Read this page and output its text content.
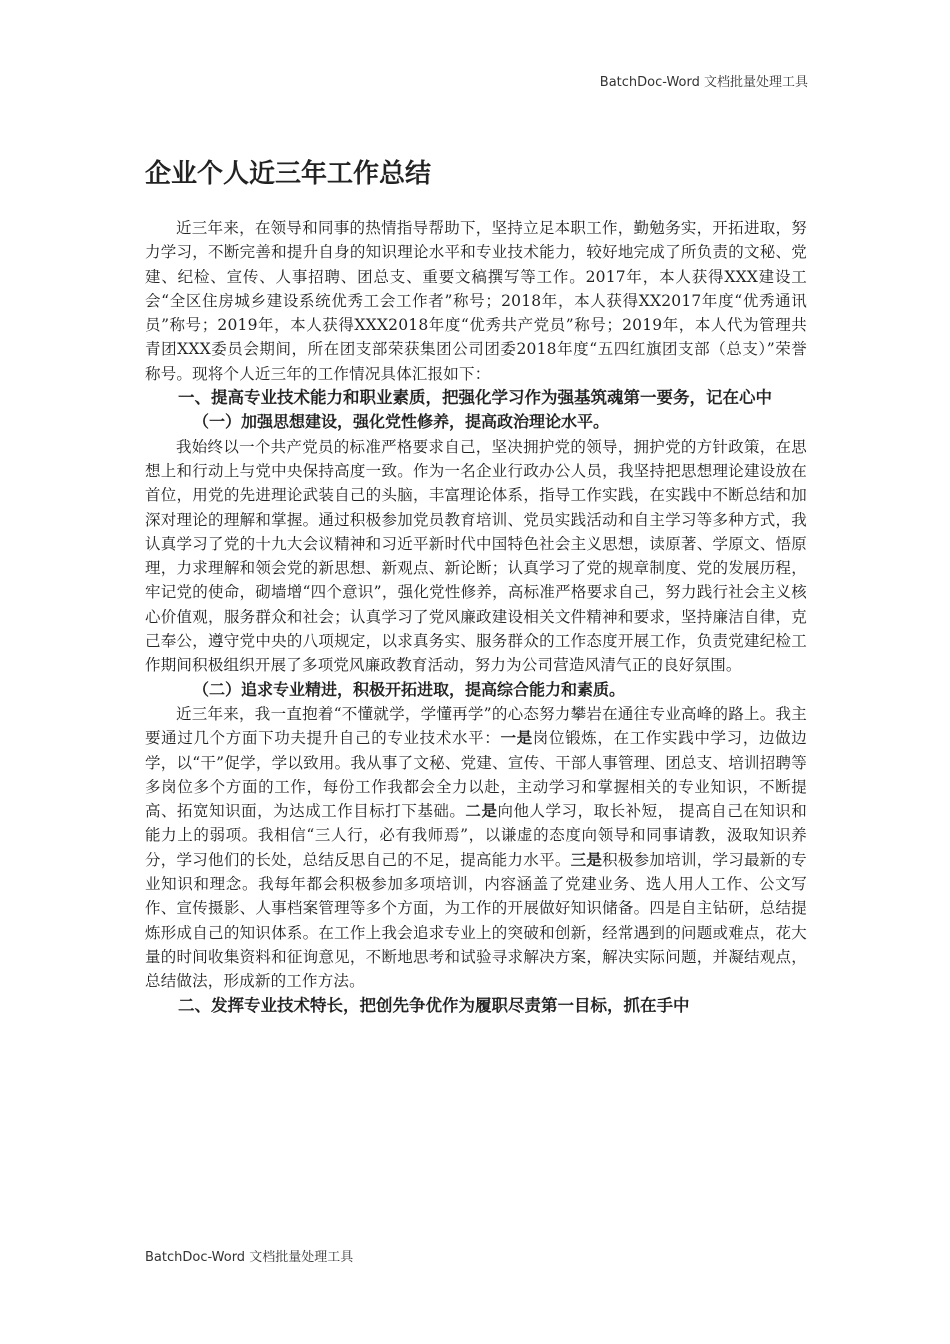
BatchDoc-Word 文档批量处理工具
企业个人近三年工作总结

近三年来，在领导和同事的热情指导帮助下，坚持立足本职工作，勤勉务实，开拓进取，努力学习，不断完善和提升自身的知识理论水平和专业技术能力，较好地完成了所负责的文秘、党建、纪检、宣传、人事招聘、团总支、重要文稿撰写等工作。2017年，本人获得XXX建设工会“全区住房城乡建设系统优秀工会工作者”称号；2018年，本人获得XX2017年度“优秀通讯员”称号；2019年，本人获得XXX2018年度“优秀共产党员”称号；2019年，本人代为管理共青团XXX委员会期间，所在团支部荣获集团公司团委2018年度“五四红旗团支部（总支）”荣誉称号。现将个人近三年的工作情况具体汇报如下：

一、提高专业技术能力和职业素质，把强化学习作为强基筑魂第一要务，记在心中

（一）加强思想建设，强化党性修养，提高政治理论水平。

我始终以一个共产党员的标准严格要求自己，坚决拥护党的领导，拥护党的方针政策，在思想上和行动上与党中央保持高度一致。作为一名企业行政办公人员，我坚持把思想理论建设放在首位，用党的先进理论武装自己的头脑，丰富理论体系，指导工作实践，在实践中不断总结和加深对理论的理解和掌握。通过积极参加党员教育培训、党员实践活动和自主学习等多种方式，我认真学习了党的十九大会议精神和习近平新时代中国特色社会主义思想，读原著、学原文、悟原理，力求理解和领会党的新思想、新观点、新论断；认真学习了党的规章制度、党的发展历程，牢记党的使命，砌墙增“四个意识”，强化党性修养，高标准严格要求自己，努力践行社会主义核心价值观，服务群众和社会；认真学习了党风廉政建设相关文件精神和要求，坚持廉洁自律，克己奉公，遵守党中央的八项规定，以求真务实、服务群众的工作态度开展工作，负责党建纪检工作期间积极组织开展了多项党风廉政教育活动，努力为公司营造风清气正的良好氛围。

（二）追求专业精进，积极开拓进取，提高综合能力和素质。

近三年来，我一直抱着“不懂就学，学懂再学”的心态努力攀岩在通往专业高峰的路上。我主要通过几个方面下功夫提升自己的专业技术水平：一是岗位锻炼，在工作实践中学习，边做边学，以“干”促学，学以致用。我从事了文秘、党建、宣传、干部人事管理、团总支、培训招聘等多岗位多个方面的工作，每份工作我都会全力以赴，主动学习和掌握相关的专业知识，不断提高、拓宽知识面，为达成工作目标打下基础。二是向他人学习，取长补短， 提高自己在知识和能力上的弱项。我相信“三人行，必有我师焉”，以谦虚的态度向领导和同事请教，汲取知识养分，学习他们的长处，总结反思自己的不足，提高能力水平。三是积极参加培训，学习最新的专业知识和理念。我每年都会积极参加多项培训，内容涵盖了党建业务、选人用人工作、公文写作、宣传摄影、人事档案管理等多个方面，为工作的开展做好知识储备。四是自主钻研，总结提炼形成自己的知识体系。在工作上我会追求专业上的突破和创新，经常遇到的问题或难点，花大量的时间收集资料和征询意见，不断地思考和试验寻求解决方案，解决实际问题，并凝结观点，总结做法，形成新的工作方法。

二、发挥专业技术特长，把创先争优作为履职尽责第一目标，抓在手中

BatchDoc-Word 文档批量处理工具
